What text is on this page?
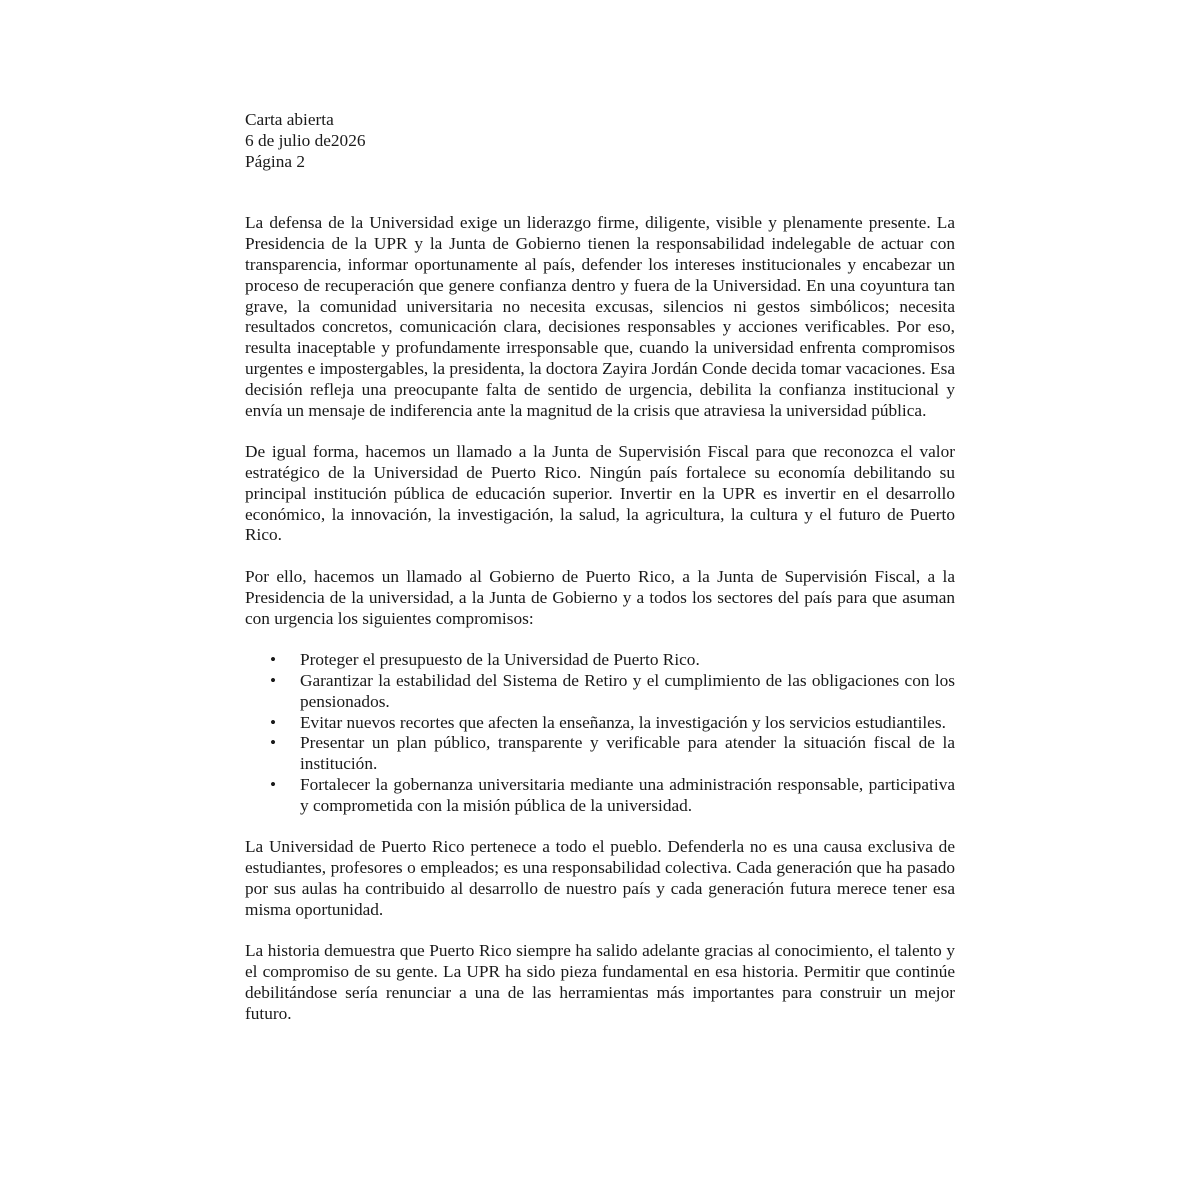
Carta abierta
6 de julio de2026
Página 2

La defensa de la Universidad exige un liderazgo firme, diligente, visible y plenamente presente. La Presidencia de la UPR y la Junta de Gobierno tienen la responsabilidad indelegable de actuar con transparencia, informar oportunamente al país, defender los intereses institucionales y encabezar un proceso de recuperación que genere confianza dentro y fuera de la Universidad. En una coyuntura tan grave, la comunidad universitaria no necesita excusas, silencios ni gestos simbólicos; necesita resultados concretos, comunicación clara, decisiones responsables y acciones verificables. Por eso, resulta inaceptable y profundamente irresponsable que, cuando la universidad enfrenta compromisos urgentes e impostergables, la presidenta, la doctora Zayira Jordán Conde decida tomar vacaciones. Esa decisión refleja una preocupante falta de sentido de urgencia, debilita la confianza institucional y envía un mensaje de indiferencia ante la magnitud de la crisis que atraviesa la universidad pública.

De igual forma, hacemos un llamado a la Junta de Supervisión Fiscal para que reconozca el valor estratégico de la Universidad de Puerto Rico. Ningún país fortalece su economía debilitando su principal institución pública de educación superior. Invertir en la UPR es invertir en el desarrollo económico, la innovación, la investigación, la salud, la agricultura, la cultura y el futuro de Puerto Rico.

Por ello, hacemos un llamado al Gobierno de Puerto Rico, a la Junta de Supervisión Fiscal, a la Presidencia de la universidad, a la Junta de Gobierno y a todos los sectores del país para que asuman con urgencia los siguientes compromisos:

• Proteger el presupuesto de la Universidad de Puerto Rico.
• Garantizar la estabilidad del Sistema de Retiro y el cumplimiento de las obligaciones con los pensionados.
• Evitar nuevos recortes que afecten la enseñanza, la investigación y los servicios estudiantiles.
• Presentar un plan público, transparente y verificable para atender la situación fiscal de la institución.
• Fortalecer la gobernanza universitaria mediante una administración responsable, participativa y comprometida con la misión pública de la universidad.

La Universidad de Puerto Rico pertenece a todo el pueblo. Defenderla no es una causa exclusiva de estudiantes, profesores o empleados; es una responsabilidad colectiva. Cada generación que ha pasado por sus aulas ha contribuido al desarrollo de nuestro país y cada generación futura merece tener esa misma oportunidad.

La historia demuestra que Puerto Rico siempre ha salido adelante gracias al conocimiento, el talento y el compromiso de su gente. La UPR ha sido pieza fundamental en esa historia. Permitir que continúe debilitándose sería renunciar a una de las herramientas más importantes para construir un mejor futuro.
